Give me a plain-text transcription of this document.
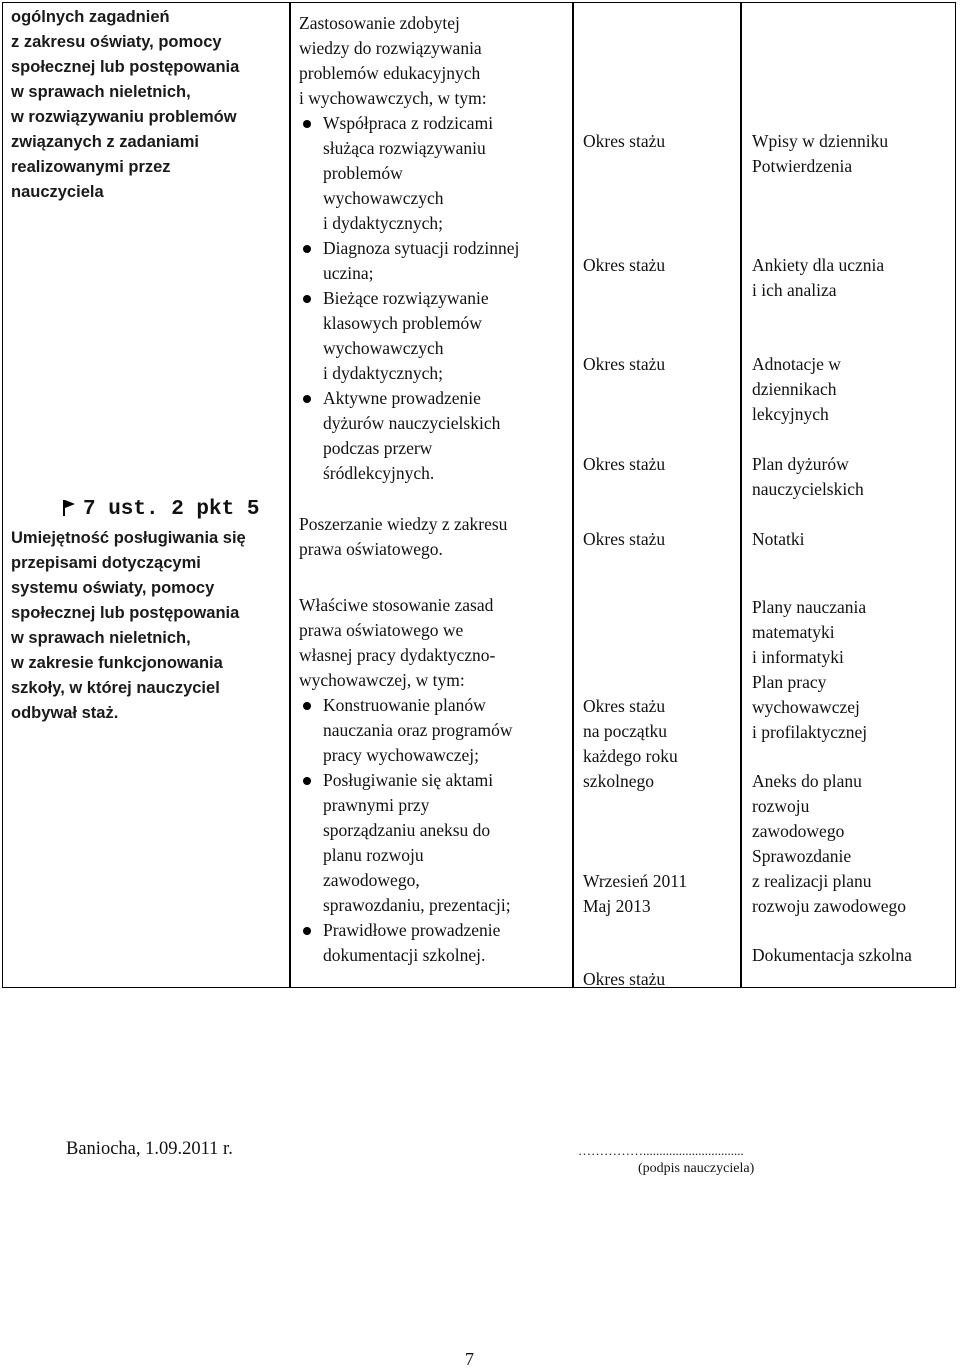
ogólnych zagadnień
z zakresu oświaty, pomocy
społecznej lub postępowania
w sprawach nieletnich,
w rozwiązywaniu problemów
związanych z zadaniami
realizowanymi przez
nauczyciela
7 ust. 2 pkt 5
Umiejętność posługiwania się
przepisami dotyczącymi
systemu oświaty, pomocy
społecznej lub postępowania
w sprawach nieletnich,
w zakresie funkcjonowania
szkoły, w której nauczyciel
odbywał staż.
Zastosowanie zdobytej
wiedzy do rozwiązywania
problemów edukacyjnych
i wychowawczych, w tym:
Współpraca z rodzicami
służąca rozwiązywaniu
problemów
wychowawczych
i dydaktycznych;
Diagnoza sytuacji rodzinnej
uczina;
Bieżące rozwiązywanie
klasowych problemów
wychowawczych
i dydaktycznych;
Aktywne prowadzenie
dyżurów nauczycielskich
podczas przerw
śródlekcyjnych.
Poszerzanie wiedzy z zakresu
prawa oświatowego.
Właściwe stosowanie zasad
prawa oświatowego we
własnej pracy dydaktyczno-
wychowawczej, w tym:
Konstruowanie planów
nauczania oraz programów
pracy wychowawczej;
Posługiwanie się aktami
prawnymi przy
sporządzaniu aneksu do
planu rozwoju
zawodowego,
sprawozdaniu, prezentacji;
Prawidłowe prowadzenie
dokumentacji szkolnej.
Okres stażu
Okres stażu
Okres stażu
Okres stażu
Okres stażu
Okres stażu
na początku
każdego roku
szkolnego
Wrzesień 2011
Maj 2013
Okres stażu
Wpisy w dzienniku
Potwierdzenia
Ankiety dla ucznia
i ich analiza
Adnotacje w
dziennikach
lekcyjnych
Plan dyżurów
nauczycielskich
Notatki
Plany nauczania
matematyki
i informatyki
Plan pracy
wychowawczej
i profilaktycznej
Aneks do planu
rozwoju
zawodowego
Sprawozdanie
z realizacji planu
rozwoju zawodowego
Dokumentacja szkolna
Baniocha, 1.09.2011 r.	……………...............................
(podpis nauczyciela)
7
